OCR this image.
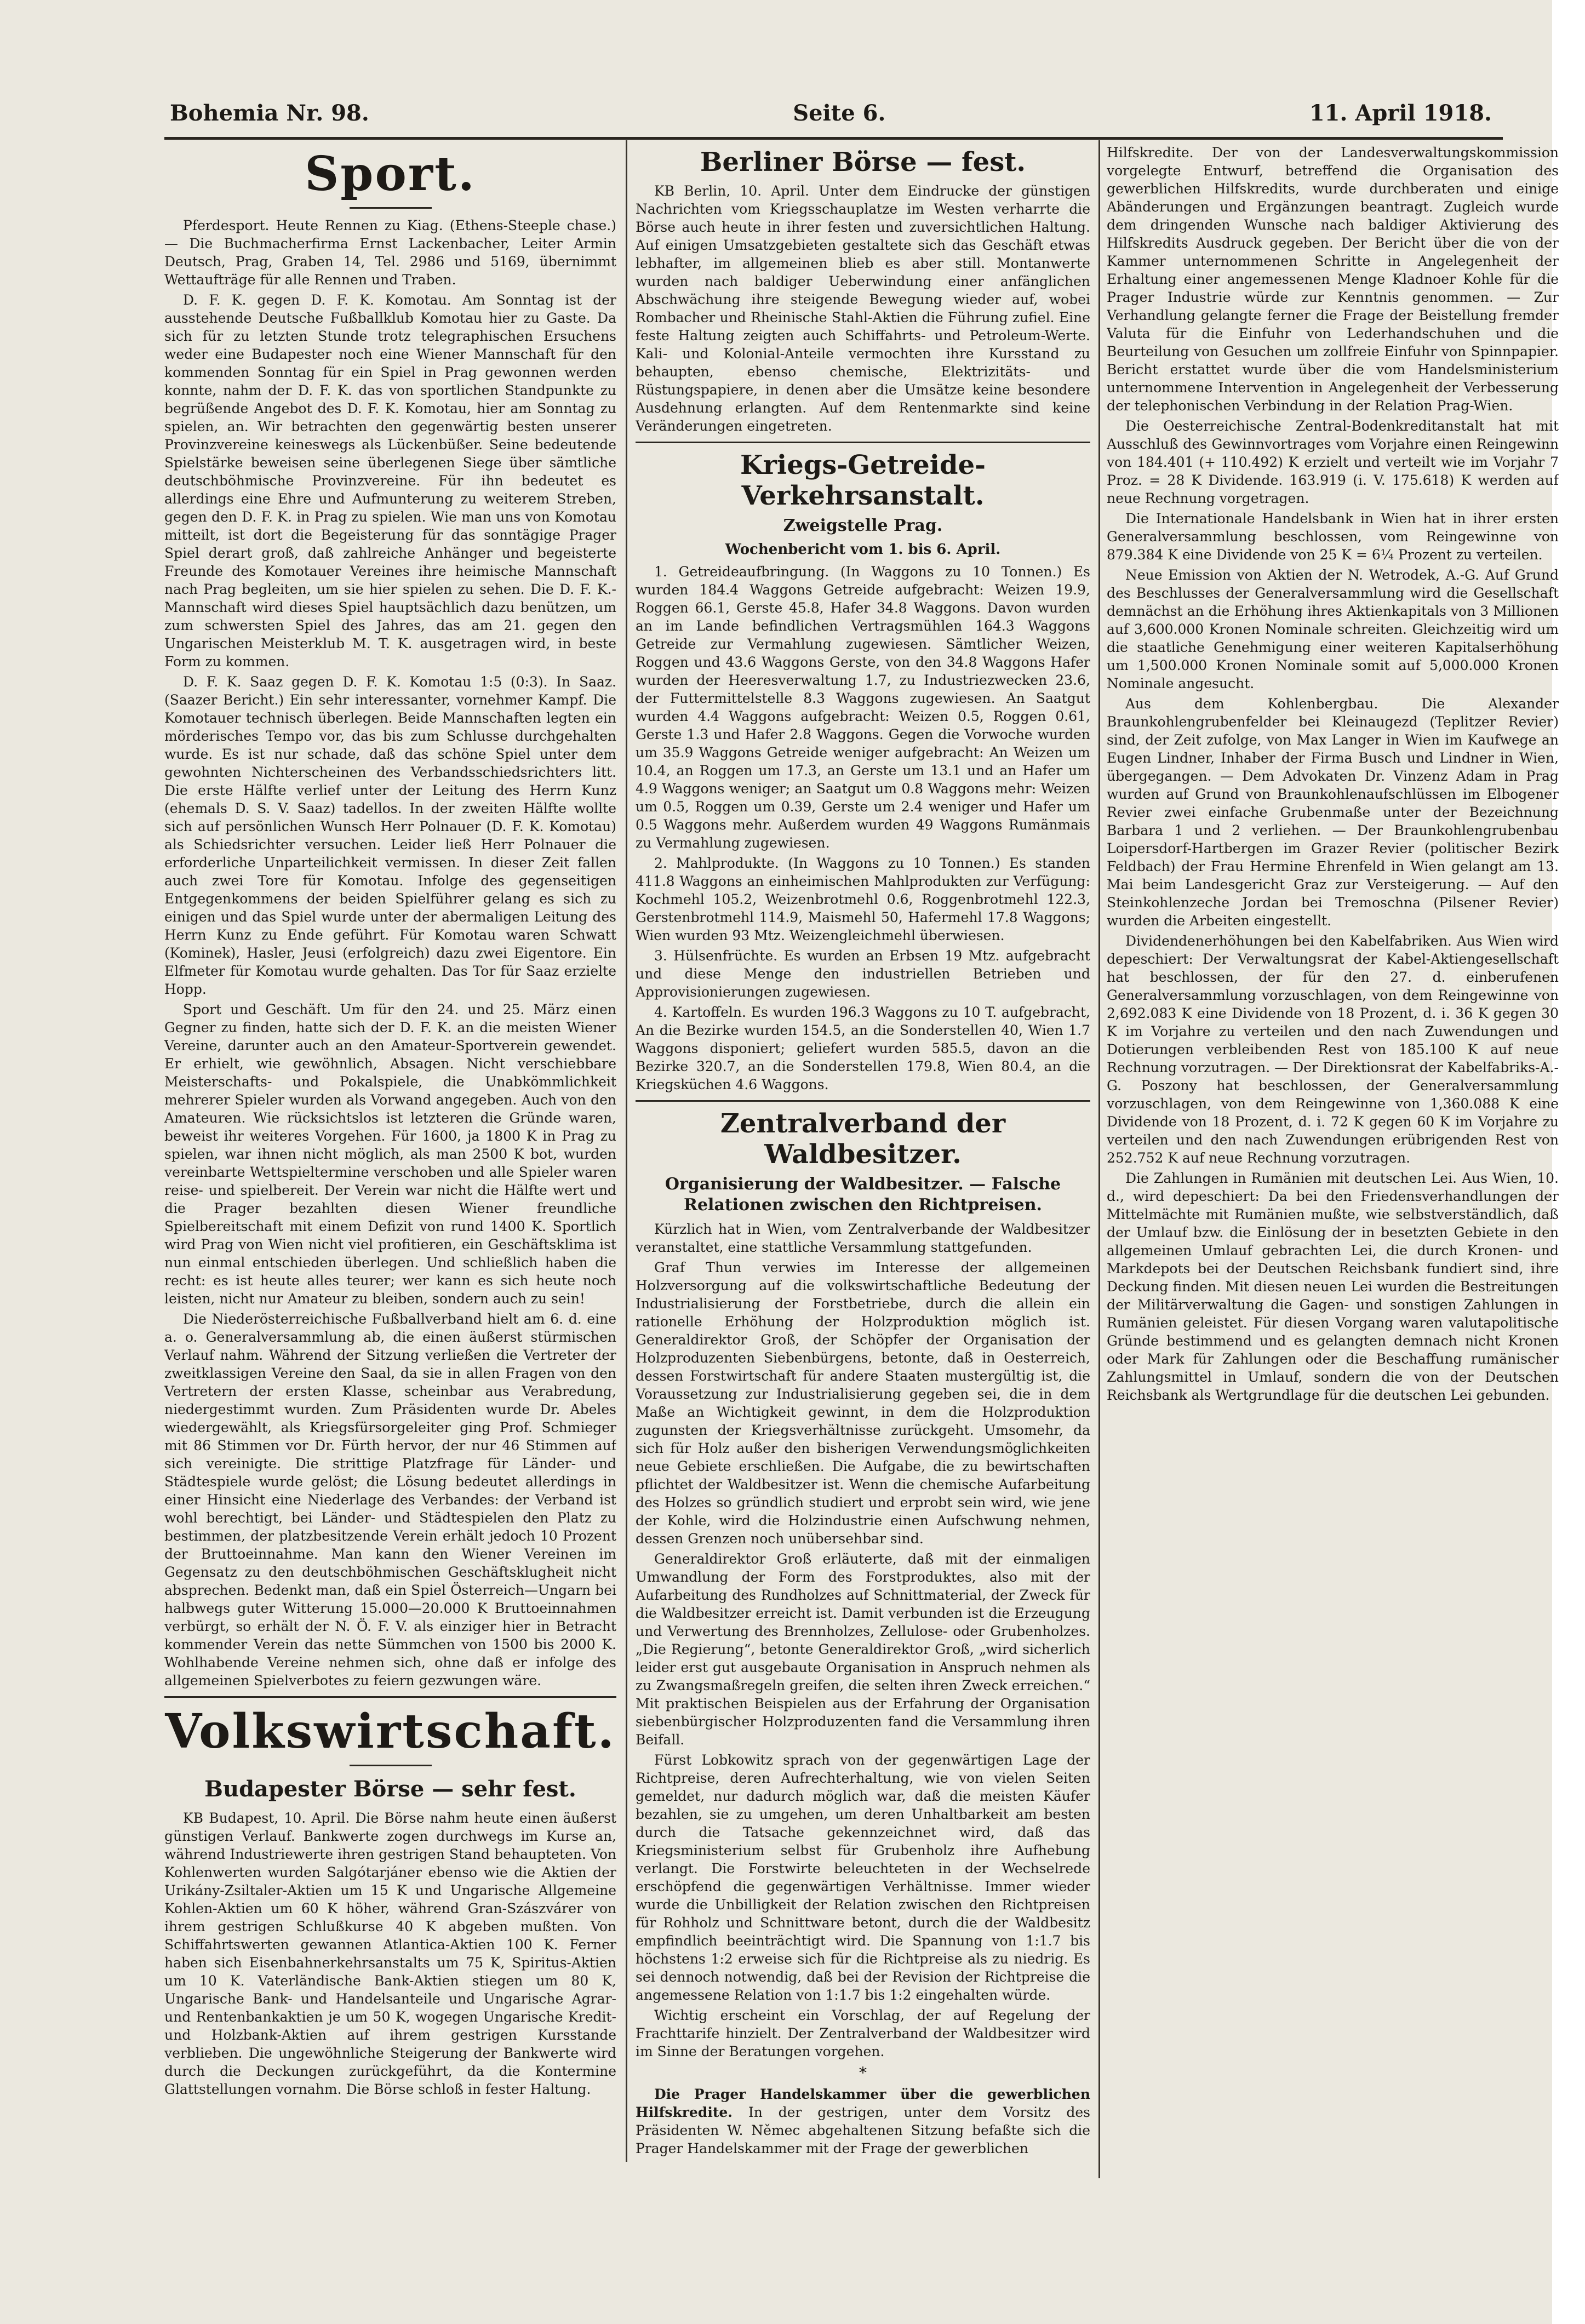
Bohemia Nr. 98.	Seite 6.	11. April 1918.
Sport.

Pferdesport. Heute Rennen zu Kiag. (Ethens-Steeple chase.) — Die Buchmacherfirma Ernst Lackenbacher, Leiter Armin Deutsch, Prag, Graben 14, Tel. 2986 und 5169, übernimmt Wettaufträge für alle Rennen und Traben.

D. F. K. gegen D. F. K. Komotau. Am Sonntag ist der ausstehende Deutsche Fußballklub Komotau hier zu Gaste. Da sich für zu letzten Stunde trotz telegraphischen Ersuchens weder eine Budapester noch eine Wiener Mannschaft für den kommenden Sonntag für ein Spiel in Prag gewonnen werden konnte, nahm der D. F. K. das von sportlichen Standpunkte zu begrüßende Angebot des D. F. K. Komotau, hier am Sonntag zu spielen, an. Wir betrachten den gegenwärtig besten unserer Provinzvereine keineswegs als Lückenbüßer. Seine bedeutende Spielstärke beweisen seine überlegenen Siege über sämtliche deutschböhmische Provinzvereine. Für ihn bedeutet es allerdings eine Ehre und Aufmunterung zu weiterem Streben, gegen den D. F. K. in Prag zu spielen. Wie man uns von Komotau mitteilt, ist dort die Begeisterung für das sonntägige Prager Spiel derart groß, daß zahlreiche Anhänger und begeisterte Freunde des Komotauer Vereines ihre heimische Mannschaft nach Prag begleiten, um sie hier spielen zu sehen. Die D. F. K.-Mannschaft wird dieses Spiel hauptsächlich dazu benützen, um zum schwersten Spiel des Jahres, das am 21. gegen den Ungarischen Meisterklub M. T. K. ausgetragen wird, in beste Form zu kommen.

D. F. K. Saaz gegen D. F. K. Komotau 1:5 (0:3). In Saaz. (Saazer Bericht.) Ein sehr interessanter, vornehmer Kampf. Die Komotauer technisch überlegen. Beide Mannschaften legten ein mörderisches Tempo vor, das bis zum Schlusse durchgehalten wurde. Es ist nur schade, daß das schöne Spiel unter dem gewohnten Nichterscheinen des Verbandsschiedsrichters litt. Die erste Hälfte verlief unter der Leitung des Herrn Kunz (ehemals D. S. V. Saaz) tadellos. In der zweiten Hälfte wollte sich auf persönlichen Wunsch Herr Polnauer (D. F. K. Komotau) als Schiedsrichter versuchen. Leider ließ Herr Polnauer die erforderliche Unparteilichkeit vermissen. In dieser Zeit fallen auch zwei Tore für Komotau. Infolge des gegenseitigen Entgegenkommens der beiden Spielführer gelang es sich zu einigen und das Spiel wurde unter der abermaligen Leitung des Herrn Kunz zu Ende geführt. Für Komotau waren Schwatt (Kominek), Hasler, Jeusi (erfolgreich) dazu zwei Eigentore. Ein Elfmeter für Komotau wurde gehalten. Das Tor für Saaz erzielte Hopp.

Sport und Geschäft. Um für den 24. und 25. März einen Gegner zu finden, hatte sich der D. F. K. an die meisten Wiener Vereine, darunter auch an den Amateur-Sportverein gewendet. Er erhielt, wie gewöhnlich, Absagen. Nicht verschiebbare Meisterschafts- und Pokalspiele, die Unabkömmlichkeit mehrerer Spieler wurden als Vorwand angegeben. Auch von den Amateuren. Wie rücksichtslos ist letzteren die Gründe waren, beweist ihr weiteres Vorgehen. Für 1600, ja 1800 K in Prag zu spielen, war ihnen nicht möglich, als man 2500 K bot, wurden vereinbarte Wettspieltermine verschoben und alle Spieler waren reise- und spielbereit. Der Verein war nicht die Hälfte wert und die Prager bezahlten diesen Wiener freundliche Spielbereitschaft mit einem Defizit von rund 1400 K. Sportlich wird Prag von Wien nicht viel profitieren, ein Geschäftsklima ist nun einmal entschieden überlegen. Und schließlich haben die recht: es ist heute alles teurer; wer kann es sich heute noch leisten, nicht nur Amateur zu bleiben, sondern auch zu sein!

Die Niederösterreichische Fußballverband hielt am 6. d. eine a. o. Generalversammlung ab, die einen äußerst stürmischen Verlauf nahm. Während der Sitzung verließen die Vertreter der zweitklassigen Vereine den Saal, da sie in allen Fragen von den Vertretern der ersten Klasse, scheinbar aus Verabredung, niedergestimmt wurden. Zum Präsidenten wurde Dr. Abeles wiedergewählt, als Kriegsfürsorgeleiter ging Prof. Schmieger mit 86 Stimmen vor Dr. Fürth hervor, der nur 46 Stimmen auf sich vereinigte. Die strittige Platzfrage für Länder- und Städtespiele wurde gelöst; die Lösung bedeutet allerdings in einer Hinsicht eine Niederlage des Verbandes: der Verband ist wohl berechtigt, bei Länder- und Städtespielen den Platz zu bestimmen, der platzbesitzende Verein erhält jedoch 10 Prozent der Bruttoeinnahme. Man kann den Wiener Vereinen im Gegensatz zu den deutschböhmischen Geschäftsklugheit nicht absprechen. Bedenkt man, daß ein Spiel Österreich—Ungarn bei halbwegs guter Witterung 15.000—20.000 K Bruttoeinnahmen verbürgt, so erhält der N. Ö. F. V. als einziger hier in Betracht kommender Verein das nette Sümmchen von 1500 bis 2000 K. Wohlhabende Vereine nehmen sich, ohne daß er infolge des allgemeinen Spielverbotes zu feiern gezwungen wäre.

Volkswirtschaft.
Budapester Börse — sehr fest.

KB Budapest, 10. April. Die Börse nahm heute einen äußerst günstigen Verlauf. Bankwerte zogen durchwegs im Kurse an, während Industriewerte ihren gestrigen Stand behaupteten. Von Kohlenwerten wurden Salgótarjáner ebenso wie die Aktien der Urikány-Zsiltaler-Aktien um 15 K und Ungarische Allgemeine Kohlen-Aktien um 60 K höher, während Gran-Szászvárer von ihrem gestrigen Schlußkurse 40 K abgeben mußten. Von Schiffahrtswerten gewannen Atlantica-Aktien 100 K. Ferner haben sich Eisenbahnerkehrsanstalts um 75 K, Spiritus-Aktien um 10 K. Vaterländische Bank-Aktien stiegen um 80 K, Ungarische Bank- und Handelsanteile und Ungarische Agrar- und Rentenbankaktien je um 50 K, wogegen Ungarische Kredit- und Holzbank-Aktien auf ihrem gestrigen Kursstande verblieben. Die ungewöhnliche Steigerung der Bankwerte wird durch die Deckungen zurückgeführt, da die Kontermine Glattstellungen vornahm. Die Börse schloß in fester Haltung.

Berliner Börse — fest.

KB Berlin, 10. April. Unter dem Eindrucke der günstigen Nachrichten vom Kriegsschauplatze im Westen verharrte die Börse auch heute in ihrer festen und zuversichtlichen Haltung. Auf einigen Umsatzgebieten gestaltete sich das Geschäft etwas lebhafter, im allgemeinen blieb es aber still. Montanwerte wurden nach baldiger Ueberwindung einer anfänglichen Abschwächung ihre steigende Bewegung wieder auf, wobei Rombacher und Rheinische Stahl-Aktien die Führung zufiel. Eine feste Haltung zeigten auch Schiffahrts- und Petroleum-Werte. Kali- und Kolonial-Anteile vermochten ihre Kursstand zu behaupten, ebenso chemische, Elektrizitäts- und Rüstungspapiere, in denen aber die Umsätze keine besondere Ausdehnung erlangten. Auf dem Rentenmarkte sind keine Veränderungen eingetreten.

Kriegs-Getreide-Verkehrsanstalt.
Zweigstelle Prag.
Wochenbericht vom 1. bis 6. April.

1. Getreideaufbringung. (In Waggons zu 10 Tonnen.) Es wurden 184.4 Waggons Getreide aufgebracht: Weizen 19.9, Roggen 66.1, Gerste 45.8, Hafer 34.8 Waggons. Davon wurden an im Lande befindlichen Vertragsmühlen 164.3 Waggons Getreide zur Vermahlung zugewiesen. Sämtlicher Weizen, Roggen und 43.6 Waggons Gerste, von den 34.8 Waggons Hafer wurden der Heeresverwaltung 1.7, zu Industriezwecken 23.6, der Futtermittelstelle 8.3 Waggons zugewiesen. An Saatgut wurden 4.4 Waggons aufgebracht: Weizen 0.5, Roggen 0.61, Gerste 1.3 und Hafer 2.8 Waggons. Gegen die Vorwoche wurden um 35.9 Waggons Getreide weniger aufgebracht: An Weizen um 10.4, an Roggen um 17.3, an Gerste um 13.1 und an Hafer um 4.9 Waggons weniger; an Saatgut um 0.8 Waggons mehr: Weizen um 0.5, Roggen um 0.39, Gerste um 2.4 weniger und Hafer um 0.5 Waggons mehr. Außerdem wurden 49 Waggons Rumänmais zu Vermahlung zugewiesen.

2. Mahlprodukte. (In Waggons zu 10 Tonnen.) Es standen 411.8 Waggons an einheimischen Mahlprodukten zur Verfügung: Kochmehl 105.2, Weizenbrotmehl 0.6, Roggenbrotmehl 122.3, Gerstenbrotmehl 114.9, Maismehl 50, Hafermehl 17.8 Waggons; Wien wurden 93 Mtz. Weizengleichmehl überwiesen.

3. Hülsenfrüchte. Es wurden an Erbsen 19 Mtz. aufgebracht und diese Menge den industriellen Betrieben und Approvisionierungen zugewiesen.

4. Kartoffeln. Es wurden 196.3 Waggons zu 10 T. aufgebracht, An die Bezirke wurden 154.5, an die Sonderstellen 40, Wien 1.7 Waggons disponiert; geliefert wurden 585.5, davon an die Bezirke 320.7, an die Sonderstellen 179.8, Wien 80.4, an die Kriegsküchen 4.6 Waggons.

Zentralverband der Waldbesitzer.
Organisierung der Waldbesitzer. — Falsche Relationen zwischen den Richtpreisen.

Kürzlich hat in Wien, vom Zentralverbande der Waldbesitzer veranstaltet, eine stattliche Versammlung stattgefunden.

Graf Thun verwies im Interesse der allgemeinen Holzversorgung auf die volkswirtschaftliche Bedeutung der Industrialisierung der Forstbetriebe, durch die allein ein rationelle Erhöhung der Holzproduktion möglich ist. Generaldirektor Groß, der Schöpfer der Organisation der Holzproduzenten Siebenbürgens, betonte, daß in Oesterreich, dessen Forstwirtschaft für andere Staaten mustergültig ist, die Voraussetzung zur Industrialisierung gegeben sei, die in dem Maße an Wichtigkeit gewinnt, in dem die Holzproduktion zugunsten der Kriegsverhältnisse zurückgeht. Umsomehr, da sich für Holz außer den bisherigen Verwendungsmöglichkeiten neue Gebiete erschließen. Die Aufgabe, die zu bewirtschaften pflichtet der Waldbesitzer ist. Wenn die chemische Aufarbeitung des Holzes so gründlich studiert und erprobt sein wird, wie jene der Kohle, wird die Holzindustrie einen Aufschwung nehmen, dessen Grenzen noch unübersehbar sind.

Generaldirektor Groß erläuterte, daß mit der einmaligen Umwandlung der Form des Forstproduktes, also mit der Aufarbeitung des Rundholzes auf Schnittmaterial, der Zweck für die Waldbesitzer erreicht ist. Damit verbunden ist die Erzeugung und Verwertung des Brennholzes, Zellulose- oder Grubenholzes. „Die Regierung“, betonte Generaldirektor Groß, „wird sicherlich leider erst gut ausgebaute Organisation in Anspruch nehmen als zu Zwangsmaßregeln greifen, die selten ihren Zweck erreichen.“ Mit praktischen Beispielen aus der Erfahrung der Organisation siebenbürgischer Holzproduzenten fand die Versammlung ihren Beifall.

Fürst Lobkowitz sprach von der gegenwärtigen Lage der Richtpreise, deren Aufrechterhaltung, wie von vielen Seiten gemeldet, nur dadurch möglich war, daß die meisten Käufer bezahlen, sie zu umgehen, um deren Unhaltbarkeit am besten durch die Tatsache gekennzeichnet wird, daß das Kriegsministerium selbst für Grubenholz ihre Aufhebung verlangt. Die Forstwirte beleuchteten in der Wechselrede erschöpfend die gegenwärtigen Verhältnisse. Immer wieder wurde die Unbilligkeit der Relation zwischen den Richtpreisen für Rohholz und Schnittware betont, durch die der Waldbesitz empfindlich beeinträchtigt wird. Die Spannung von 1:1.7 bis höchstens 1:2 erweise sich für die Richtpreise als zu niedrig. Es sei dennoch notwendig, daß bei der Revision der Richtpreise die angemessene Relation von 1:1.7 bis 1:2 eingehalten würde.

Wichtig erscheint ein Vorschlag, der auf Regelung der Frachttarife hinzielt. Der Zentralverband der Waldbesitzer wird im Sinne der Beratungen vorgehen.

*

Die Prager Handelskammer über die gewerblichen Hilfskredite. In der gestrigen, unter dem Vorsitz des Präsidenten W. Němec abgehaltenen Sitzung befaßte sich die Prager Handelskammer mit der Frage der gewerblichen

Hilfskredite. Der von der Landesverwaltungskommission vorgelegte Entwurf, betreffend die Organisation des gewerblichen Hilfskredits, wurde durchberaten und einige Abänderungen und Ergänzungen beantragt. Zugleich wurde dem dringenden Wunsche nach baldiger Aktivierung des Hilfskredits Ausdruck gegeben. Der Bericht über die von der Kammer unternommenen Schritte in Angelegenheit der Erhaltung einer angemessenen Menge Kladnoer Kohle für die Prager Industrie würde zur Kenntnis genommen. — Zur Verhandlung gelangte ferner die Frage der Beistellung fremder Valuta für die Einfuhr von Lederhandschuhen und die Beurteilung von Gesuchen um zollfreie Einfuhr von Spinnpapier. Bericht erstattet wurde über die vom Handelsministerium unternommene Intervention in Angelegenheit der Verbesserung der telephonischen Verbindung in der Relation Prag-Wien.

Die Oesterreichische Zentral-Bodenkreditanstalt hat mit Ausschluß des Gewinnvortrages vom Vorjahre einen Reingewinn von 184.401 (+ 110.492) K erzielt und verteilt wie im Vorjahr 7 Proz. = 28 K Dividende. 163.919 (i. V. 175.618) K werden auf neue Rechnung vorgetragen.

Die Internationale Handelsbank in Wien hat in ihrer ersten Generalversammlung beschlossen, vom Reingewinne von 879.384 K eine Dividende von 25 K = 6¼ Prozent zu verteilen.

Neue Emission von Aktien der N. Wetrodek, A.-G. Auf Grund des Beschlusses der Generalversammlung wird die Gesellschaft demnächst an die Erhöhung ihres Aktienkapitals von 3 Millionen auf 3,600.000 Kronen Nominale schreiten. Gleichzeitig wird um die staatliche Genehmigung einer weiteren Kapitalserhöhung um 1,500.000 Kronen Nominale somit auf 5,000.000 Kronen Nominale angesucht.

Aus dem Kohlenbergbau. Die Alexander Braunkohlengrubenfelder bei Kleinaugezd (Teplitzer Revier) sind, der Zeit zufolge, von Max Langer in Wien im Kaufwege an Eugen Lindner, Inhaber der Firma Busch und Lindner in Wien, übergegangen. — Dem Advokaten Dr. Vinzenz Adam in Prag wurden auf Grund von Braunkohlenaufschlüssen im Elbogener Revier zwei einfache Grubenmaße unter der Bezeichnung Barbara 1 und 2 verliehen. — Der Braunkohlengrubenbau Loipersdorf-Hartbergen im Grazer Revier (politischer Bezirk Feldbach) der Frau Hermine Ehrenfeld in Wien gelangt am 13. Mai beim Landesgericht Graz zur Versteigerung. — Auf den Steinkohlenzeche Jordan bei Tremoschna (Pilsener Revier) wurden die Arbeiten eingestellt.

Dividendenerhöhungen bei den Kabelfabriken. Aus Wien wird depeschiert: Der Verwaltungsrat der Kabel-Aktiengesellschaft hat beschlossen, der für den 27. d. einberufenen Generalversammlung vorzuschlagen, von dem Reingewinne von 2,692.083 K eine Dividende von 18 Prozent, d. i. 36 K gegen 30 K im Vorjahre zu verteilen und den nach Zuwendungen und Dotierungen verbleibenden Rest von 185.100 K auf neue Rechnung vorzutragen. — Der Direktionsrat der Kabelfabriks-A.-G. Poszony hat beschlossen, der Generalversammlung vorzuschlagen, von dem Reingewinne von 1,360.088 K eine Dividende von 18 Prozent, d. i. 72 K gegen 60 K im Vorjahre zu verteilen und den nach Zuwendungen erübrigenden Rest von 252.752 K auf neue Rechnung vorzutragen.

Die Zahlungen in Rumänien mit deutschen Lei. Aus Wien, 10. d., wird depeschiert: Da bei den Friedensverhandlungen der Mittelmächte mit Rumänien mußte, wie selbstverständlich, daß der Umlauf bzw. die Einlösung der in besetzten Gebiete in den allgemeinen Umlauf gebrachten Lei, die durch Kronen- und Markdepots bei der Deutschen Reichsbank fundiert sind, ihre Deckung finden. Mit diesen neuen Lei wurden die Bestreitungen der Militärverwaltung die Gagen- und sonstigen Zahlungen in Rumänien geleistet. Für diesen Vorgang waren valutapolitische Gründe bestimmend und es gelangten demnach nicht Kronen oder Mark für Zahlungen oder die Beschaffung rumänischer Zahlungsmittel in Umlauf, sondern die von der Deutschen Reichsbank als Wertgrundlage für die deutschen Lei gebunden.
